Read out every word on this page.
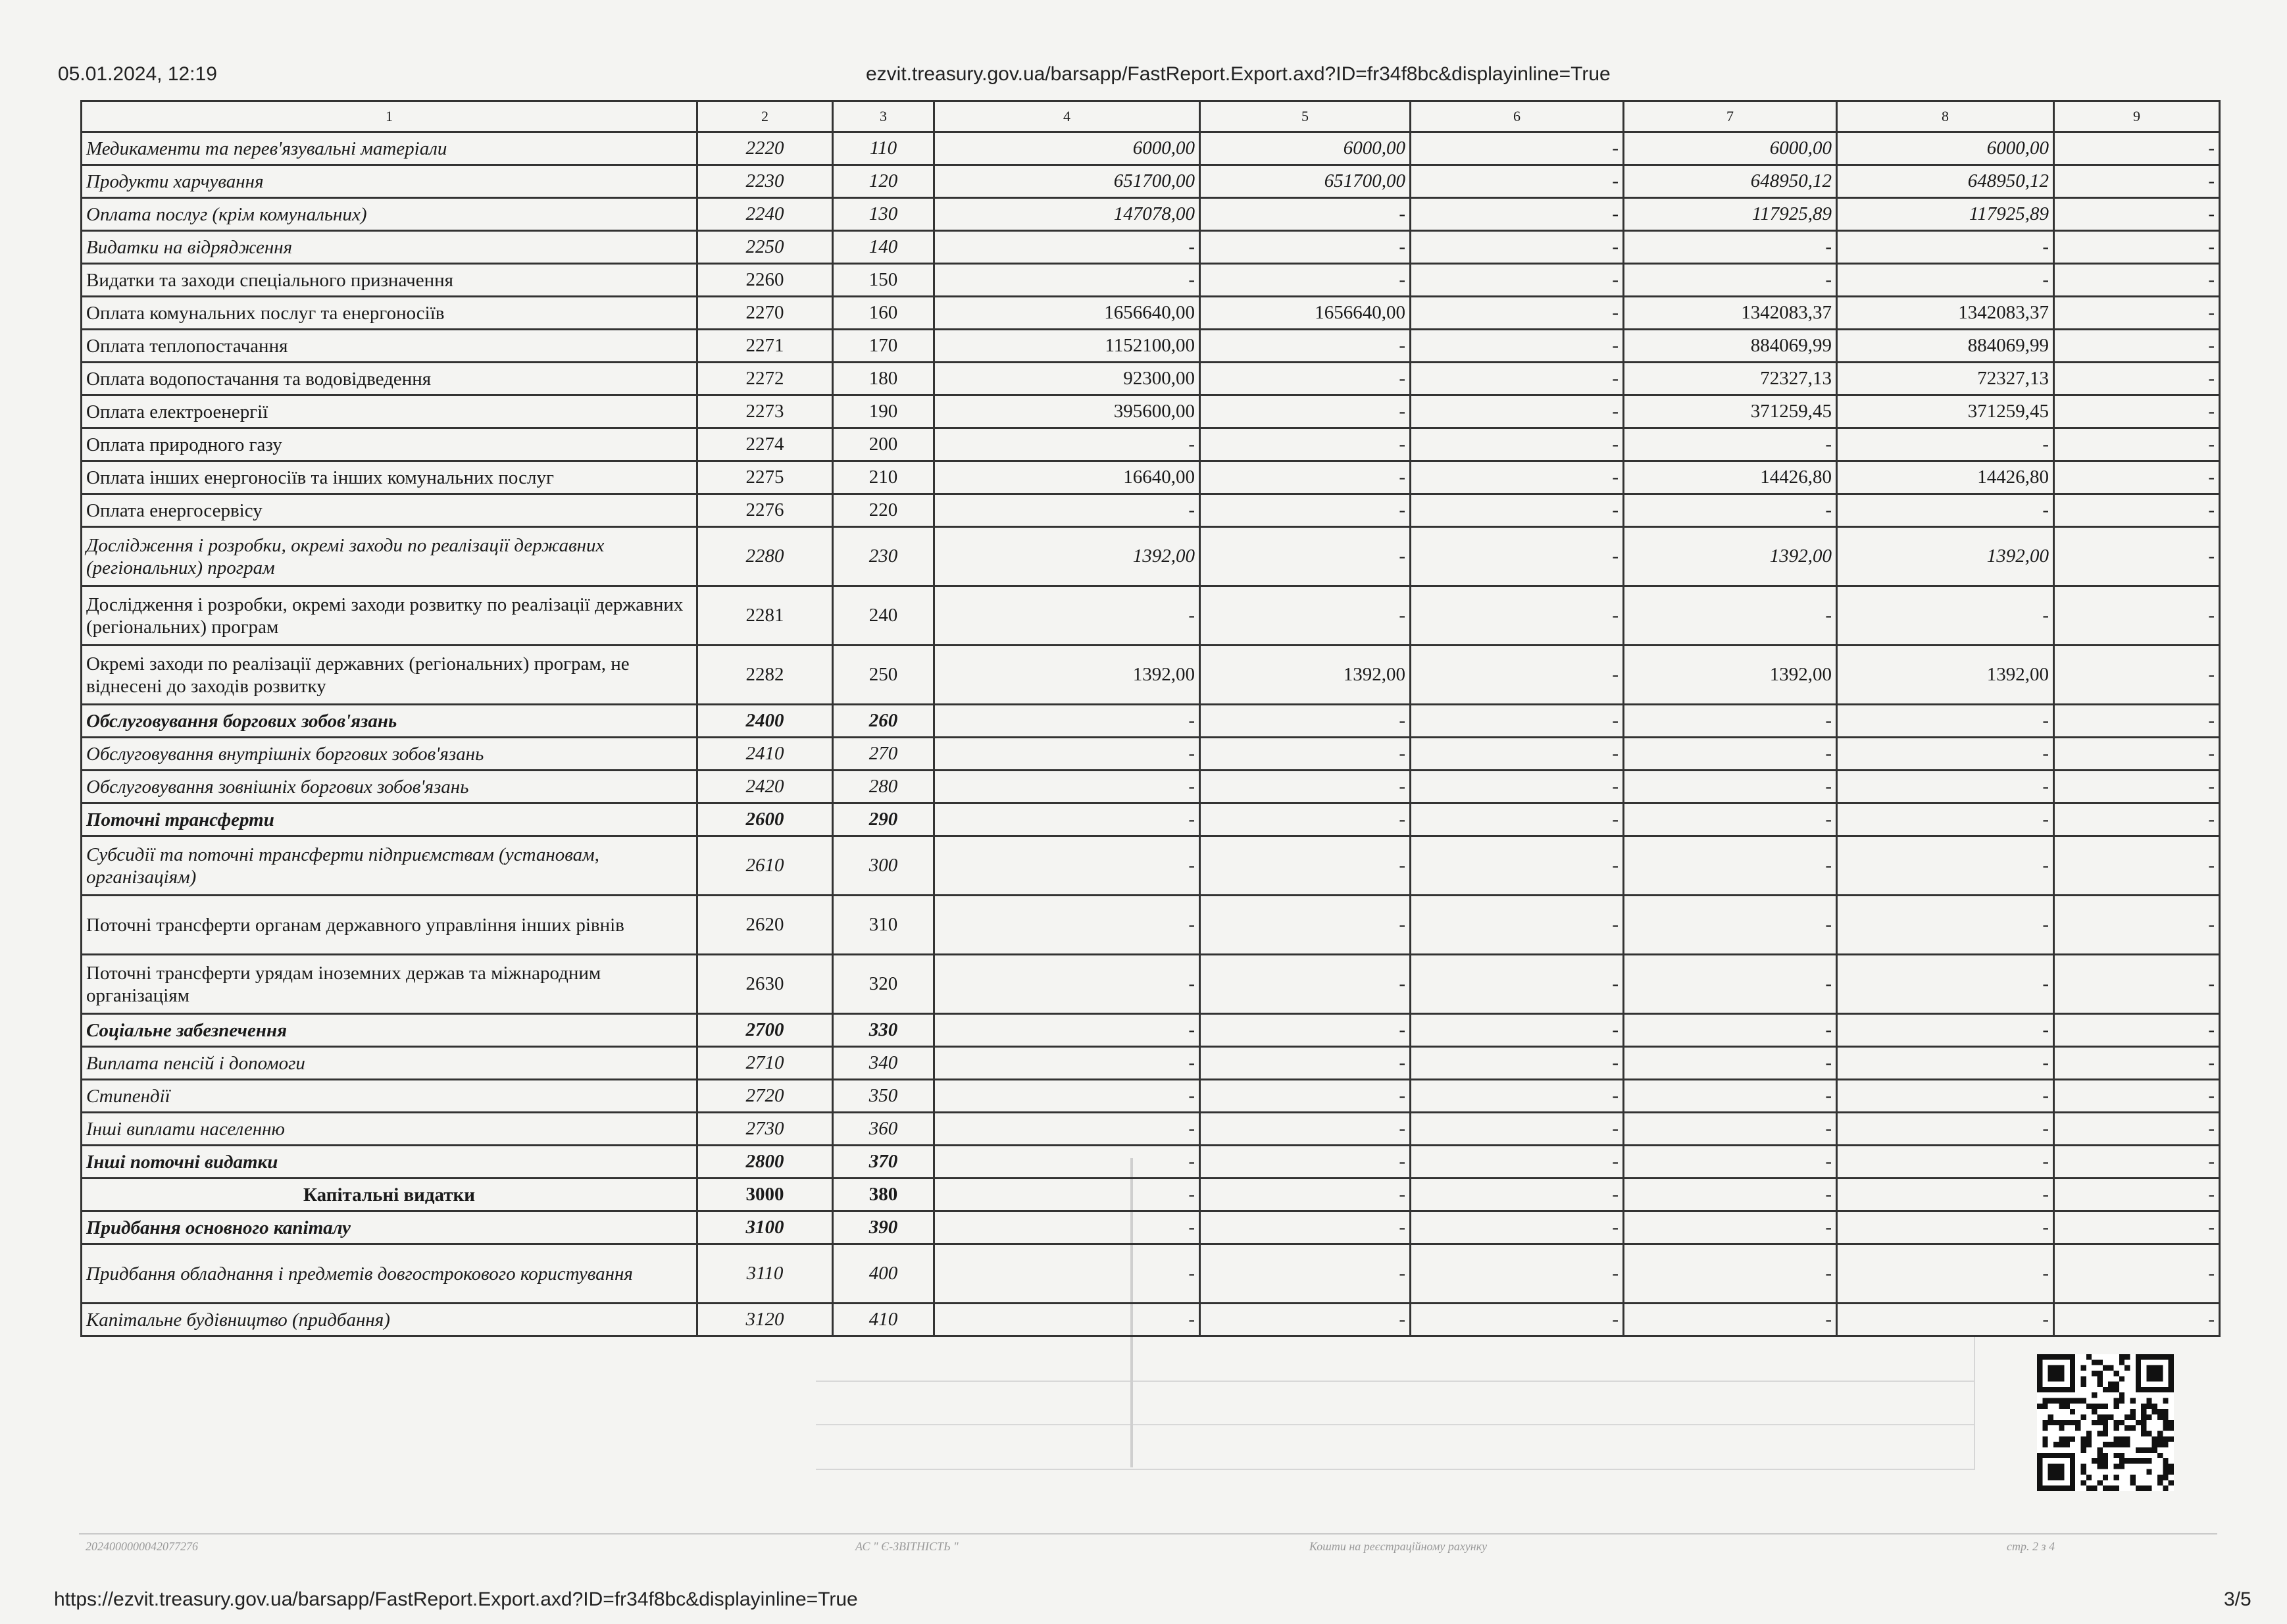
05.01.2024, 12:19	ezvit.treasury.gov.ua/barsapp/FastReport.Export.axd?ID=fr34f8bc&displayinline=True
1	2	3	4	5	6	7	8	9
Медикаменти та перев'язувальні матеріали	2220	110	6000,00	6000,00	-	6000,00	6000,00	-
Продукти харчування	2230	120	651700,00	651700,00	-	648950,12	648950,12	-
Оплата послуг (крім комунальних)	2240	130	147078,00	-	-	117925,89	117925,89	-
Видатки на відрядження	2250	140	-	-	-	-	-	-
Видатки та заходи спеціального призначення	2260	150	-	-	-	-	-	-
Оплата комунальних послуг та енергоносіїв	2270	160	1656640,00	1656640,00	-	1342083,37	1342083,37	-
Оплата теплопостачання	2271	170	1152100,00	-	-	884069,99	884069,99	-
Оплата водопостачання та водовідведення	2272	180	92300,00	-	-	72327,13	72327,13	-
Оплата електроенергії	2273	190	395600,00	-	-	371259,45	371259,45	-
Оплата природного газу	2274	200	-	-	-	-	-	-
Оплата інших енергоносіїв та інших комунальних послуг	2275	210	16640,00	-	-	14426,80	14426,80	-
Оплата енергосервісу	2276	220	-	-	-	-	-	-
Дослідження і розробки, окремі заходи по реалізації державних (регіональних) програм	2280	230	1392,00	-	-	1392,00	1392,00	-
Дослідження і розробки, окремі заходи розвитку по реалізації державних (регіональних) програм	2281	240	-	-	-	-	-	-
Окремі заходи по реалізації державних (регіональних) програм, не віднесені до заходів розвитку	2282	250	1392,00	1392,00	-	1392,00	1392,00	-
Обслуговування боргових зобов'язань	2400	260	-	-	-	-	-	-
Обслуговування внутрішніх боргових зобов'язань	2410	270	-	-	-	-	-	-
Обслуговування зовнішніх боргових зобов'язань	2420	280	-	-	-	-	-	-
Поточні трансферти	2600	290	-	-	-	-	-	-
Субсидії та поточні трансферти підприємствам (установам, організаціям)	2610	300	-	-	-	-	-	-
Поточні трансферти органам державного управління інших рівнів	2620	310	-	-	-	-	-	-
Поточні трансферти урядам іноземних держав та міжнародним організаціям	2630	320	-	-	-	-	-	-
Соціальне забезпечення	2700	330	-	-	-	-	-	-
Виплата пенсій і допомоги	2710	340	-	-	-	-	-	-
Стипендії	2720	350	-	-	-	-	-	-
Інші виплати населенню	2730	360	-	-	-	-	-	-
Інші поточні видатки	2800	370	-	-	-	-	-	-
Капітальні видатки	3000	380	-	-	-	-	-	-
Придбання основного капіталу	3100	390	-	-	-	-	-	-
Придбання обладнання і предметів довгострокового користування	3110	400	-	-	-	-	-	-
Капітальне будівництво (придбання)	3120	410	-	-	-	-	-	-
2024000000042077276	АС " Є-ЗВІТНІСТЬ "	Кошти на реєстраційному рахунку	стр. 2 з 4
https://ezvit.treasury.gov.ua/barsapp/FastReport.Export.axd?ID=fr34f8bc&displayinline=True	3/5
